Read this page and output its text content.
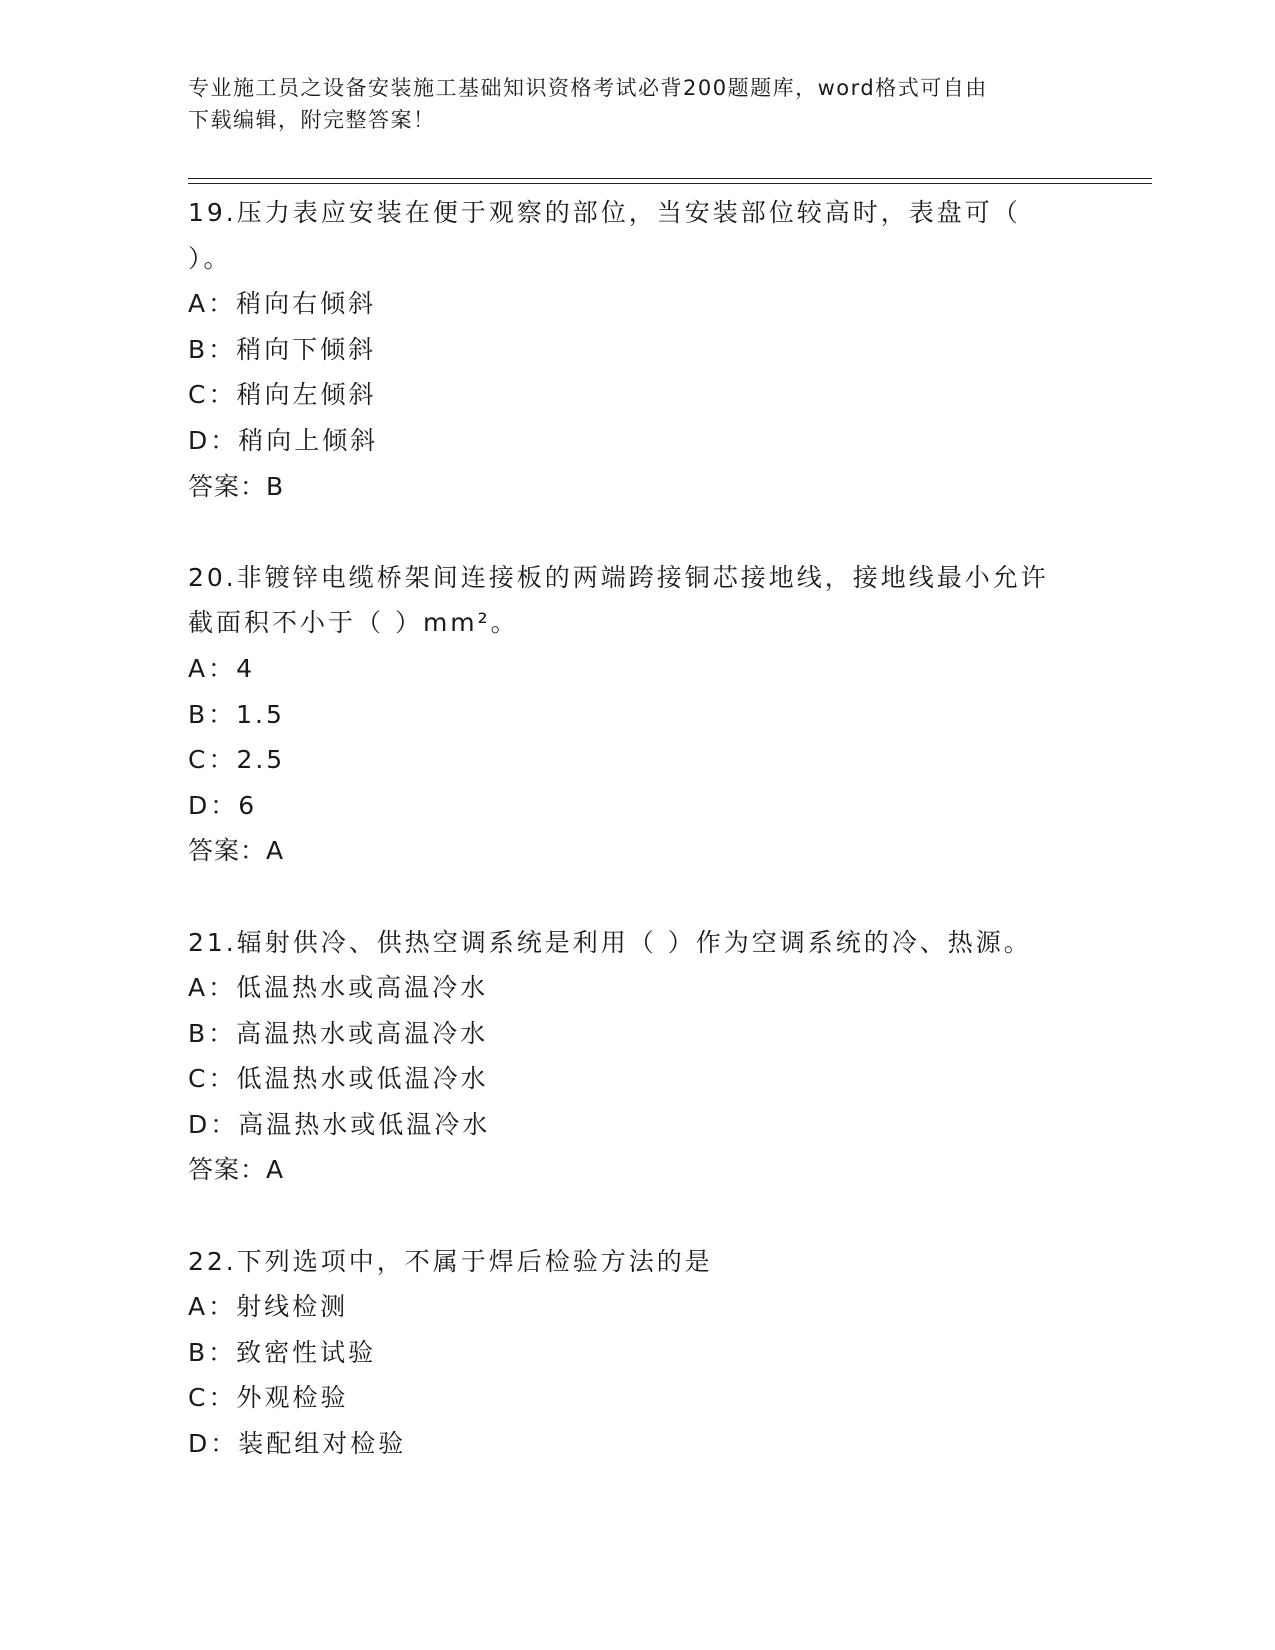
专业施工员之设备安装施工基础知识资格考试必背200题题库，word格式可自由
下载编辑，附完整答案！
19.压力表应安装在便于观察的部位，当安装部位较高时，表盘可（
）。
A：稍向右倾斜
B：稍向下倾斜
C：稍向左倾斜
D：稍向上倾斜
答案：B
20.非镀锌电缆桥架间连接板的两端跨接铜芯接地线，接地线最小允许
截面积不小于（ ）mm²。
A：4
B：1.5
C：2.5
D：6
答案：A
21.辐射供冷、供热空调系统是利用（ ）作为空调系统的冷、热源。
A：低温热水或高温冷水
B：高温热水或高温冷水
C：低温热水或低温冷水
D：高温热水或低温冷水
答案：A
22.下列选项中，不属于焊后检验方法的是
A：射线检测
B：致密性试验
C：外观检验
D：装配组对检验
